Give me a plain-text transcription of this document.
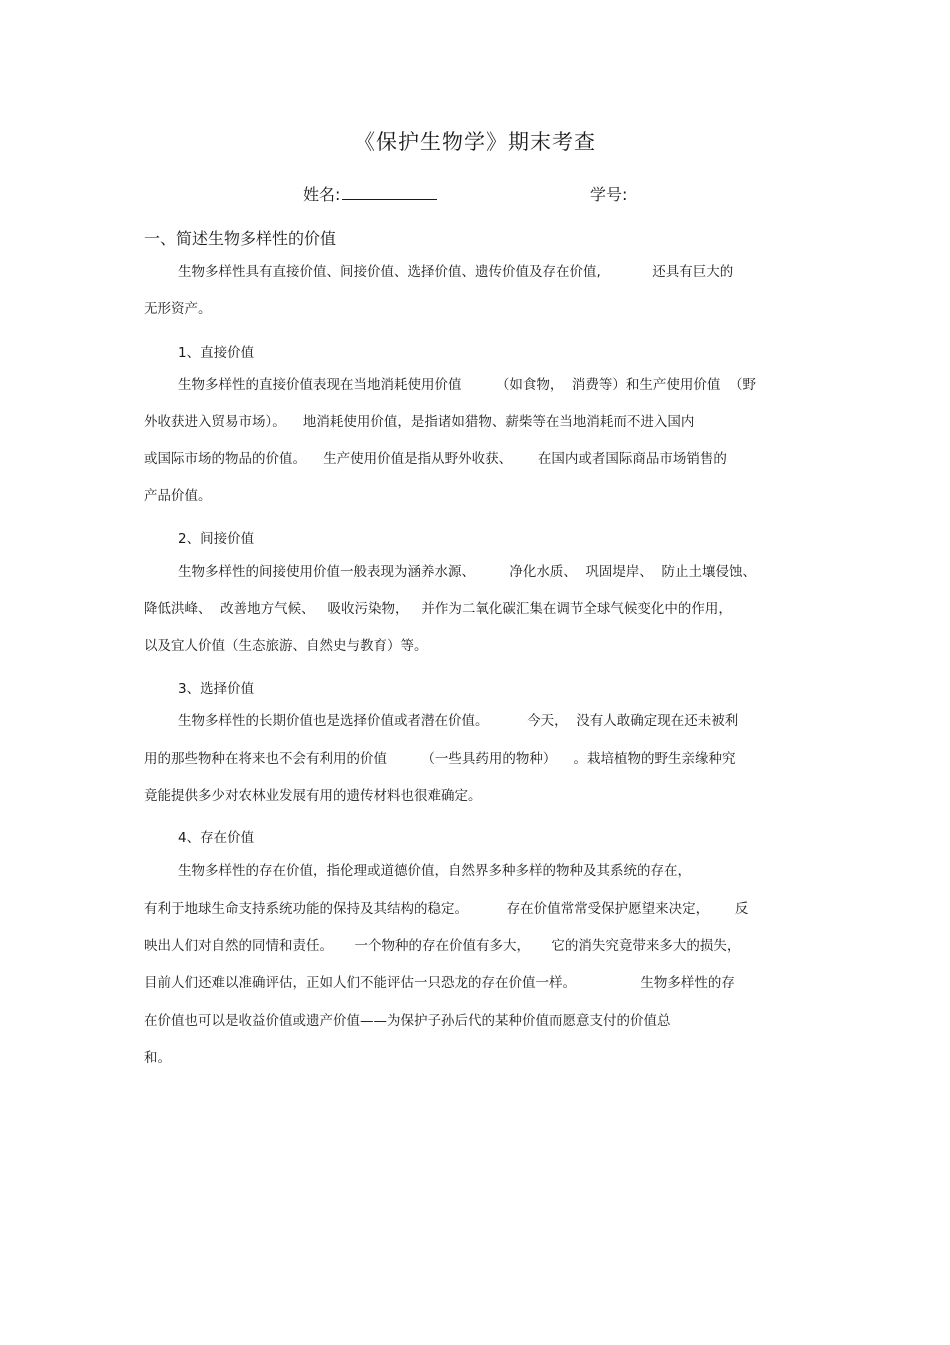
《保护生物学》期末考查
姓名:	学号:
一、简述生物多样性的价值
生物多样性具有直接价值、间接价值、选择价值、遗传价值及存在价值,            还具有巨大的
无形资产。
1、直接价值
生物多样性的直接价值表现在当地消耗使用价值        （如食物，  消费等）和生产使用价值  （野
外收获进入贸易市场）。    地消耗使用价值，是指诸如猎物、薪柴等在当地消耗而不进入国内
或国际市场的物品的价值。    生产使用价值是指从野外收获、      在国内或者国际商品市场销售的
产品价值。
2、间接价值
生物多样性的间接使用价值一般表现为涵养水源、        净化水质、  巩固堤岸、  防止土壤侵蚀、
降低洪峰、  改善地方气候、   吸收污染物，   并作为二氧化碳汇集在调节全球气候变化中的作用，
以及宜人价值（生态旅游、自然史与教育）等。
3、选择价值
生物多样性的长期价值也是选择价值或者潜在价值。         今天，  没有人敢确定现在还未被利
用的那些物种在将来也不会有利用的价值        （一些具药用的物种）    。栽培植物的野生亲缘种究
竟能提供多少对农林业发展有用的遗传材料也很难确定。
4、存在价值
生物多样性的存在价值，指伦理或道德价值，自然界多种多样的物种及其系统的存在，
有利于地球生命支持系统功能的保持及其结构的稳定。         存在价值常常受保护愿望来决定，      反
映出人们对自然的同情和责任。     一个物种的存在价值有多大，     它的消失究竟带来多大的损失，
目前人们还难以准确评估，正如人们不能评估一只恐龙的存在价值一样。               生物多样性的存
在价值也可以是收益价值或遗产价值——为保护子孙后代的某种价值而愿意支付的价值总
和。
